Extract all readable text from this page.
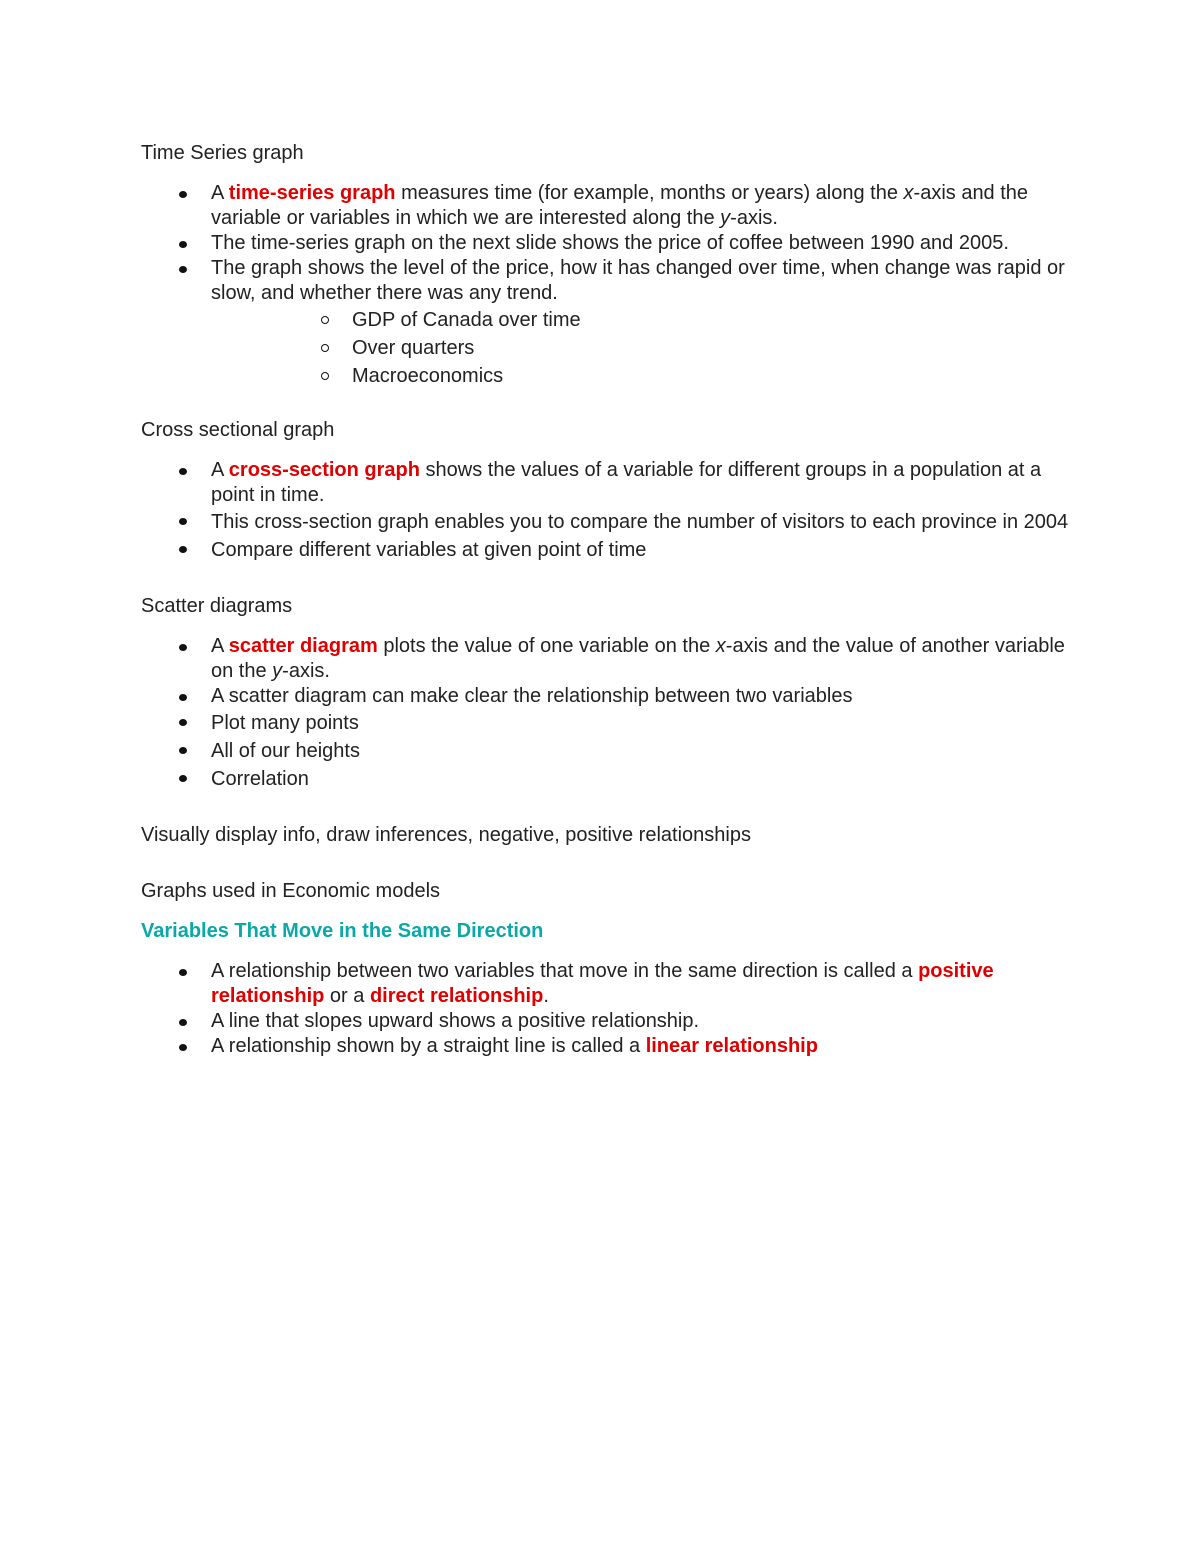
Time Series graph
A time-series graph measures time (for example, months or years) along the x-axis and the variable or variables in which we are interested along the y-axis.
The time-series graph on the next slide shows the price of coffee between 1990 and 2005.
The graph shows the level of the price, how it has changed over time, when change was rapid or slow, and whether there was any trend.
GDP of Canada over time
Over quarters
Macroeconomics
Cross sectional graph
A cross-section graph shows the values of a variable for different groups in a population at a point in time.
This cross-section graph enables you to compare the number of visitors to each province in 2004
Compare different variables at given point of time
Scatter diagrams
A scatter diagram plots the value of one variable on the x-axis and the value of another variable on the y-axis.
A scatter diagram can make clear the relationship between two variables
Plot many points
All of our heights
Correlation
Visually display info, draw inferences, negative, positive relationships
Graphs used in Economic models
Variables That Move in the Same Direction
A relationship between two variables that move in the same direction is called a positive relationship or a direct relationship.
A line that slopes upward shows a positive relationship.
A relationship shown by a straight line is called a linear relationship
